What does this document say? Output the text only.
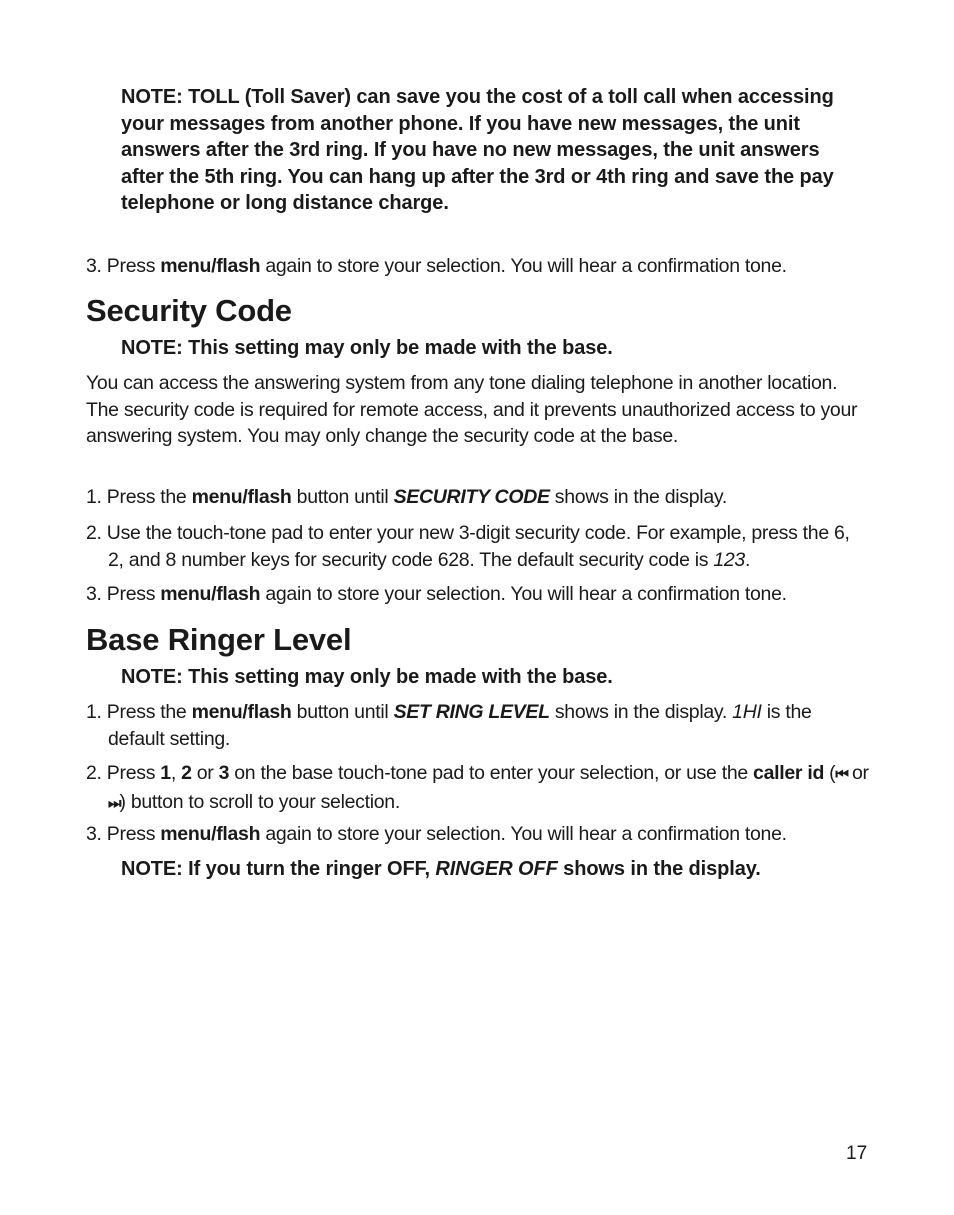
NOTE: TOLL (Toll Saver) can save you the cost of a toll call when accessing your messages from another phone. If you have new messages, the unit answers after the 3rd ring. If you have no new messages, the unit answers after the 5th ring. You can hang up after the 3rd or 4th ring and save the pay telephone or long distance charge.

3. Press menu/flash again to store your selection. You will hear a confirmation tone.

Security Code

NOTE: This setting may only be made with the base.

You can access the answering system from any tone dialing telephone in another location. The security code is required for remote access, and it prevents unauthorized access to your answering system. You may only change the security code at the base.

1. Press the menu/flash button until SECURITY CODE shows in the display.

2. Use the touch-tone pad to enter your new 3-digit security code. For example, press the 6, 2, and 8 number keys for security code 628. The default security code is 123.

3. Press menu/flash again to store your selection. You will hear a confirmation tone.

Base Ringer Level

NOTE: This setting may only be made with the base.

1. Press the menu/flash button until SET RING LEVEL shows in the display. 1HI is the default setting.

2. Press 1, 2 or 3 on the base touch-tone pad to enter your selection, or use the caller id (⏮ or ⏭) button to scroll to your selection.

3. Press menu/flash again to store your selection. You will hear a confirmation tone.

NOTE: If you turn the ringer OFF, RINGER OFF shows in the display.

17
